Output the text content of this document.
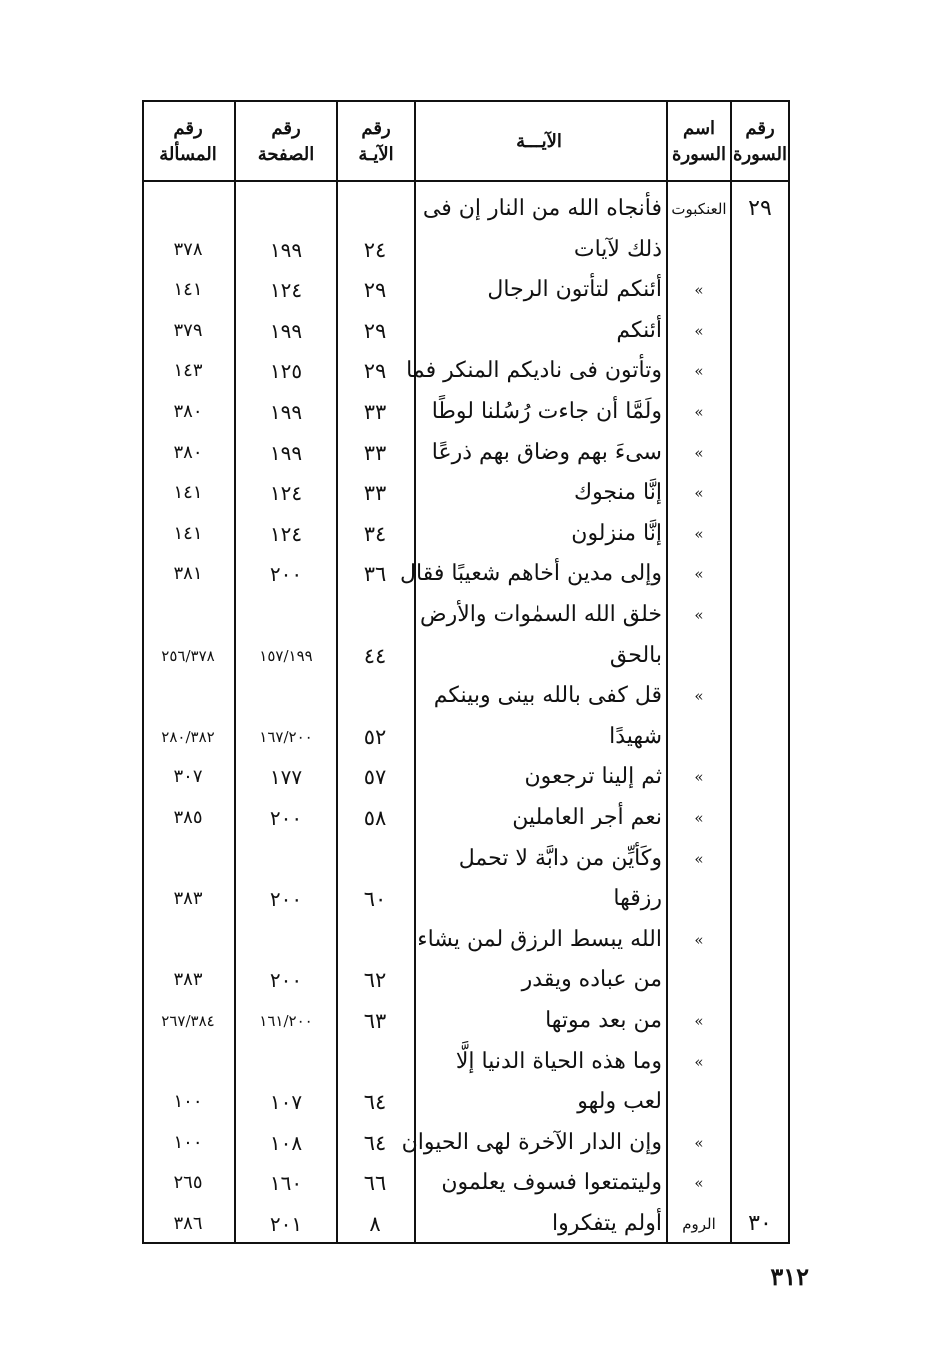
رقم
السورة
اسم
السورة
الآيـــة
رقم
الآيـة
رقم
الصفحة
رقم
المسألة
٢٩
العنكبوت
فأنجاه الله من النار إن فى
ذلك لآيات
٢٤
١٩٩
٣٧٨
»
أئنكم لتأتون الرجال
٢٩
١٢٤
١٤١
»
أئنكم
٢٩
١٩٩
٣٧٩
»
وتأتون فى ناديكم المنكر فما
٢٩
١٢٥
١٤٣
»
ولَمَّا أن جاءت رُسُلنا لوطًا
٣٣
١٩٩
٣٨٠
»
سىءَ بهم وضاق بهم ذرعًا
٣٣
١٩٩
٣٨٠
»
إنَّا منجوك
٣٣
١٢٤
١٤١
»
إنَّا منزلون
٣٤
١٢٤
١٤١
»
وإلى مدين أخاهم شعيبًا فقال
٣٦
٢٠٠
٣٨١
»
خلق الله السمٰوات والأرض
بالحق
٤٤
١٥٧/١٩٩
٢٥٦/٣٧٨
»
قل كفى بالله بينى وبينكم
شهيدًا
٥٢
١٦٧/٢٠٠
٢٨٠/٣٨٢
»
ثم إلينا ترجعون
٥٧
١٧٧
٣٠٧
»
نعم أجر العاملين
٥٨
٢٠٠
٣٨٥
»
وكَأيِّن من دابَّة لا تحمل
رزقها
٦٠
٢٠٠
٣٨٣
»
الله يبسط الرزق لمن يشاء
من عباده ويقدر
٦٢
٢٠٠
٣٨٣
»
من بعد موتها
٦٣
١٦١/٢٠٠
٢٦٧/٣٨٤
»
وما هذه الحياة الدنيا إلَّا
لعب ولهو
٦٤
١٠٧
١٠٠
»
وإن الدار الآخرة لهى الحيوان
٦٤
١٠٨
١٠٠
»
وليتمتعوا فسوف يعلمون
٦٦
١٦٠
٢٦٥
٣٠
الروم
أولم يتفكروا
٨
٢٠١
٣٨٦
٣١٢
